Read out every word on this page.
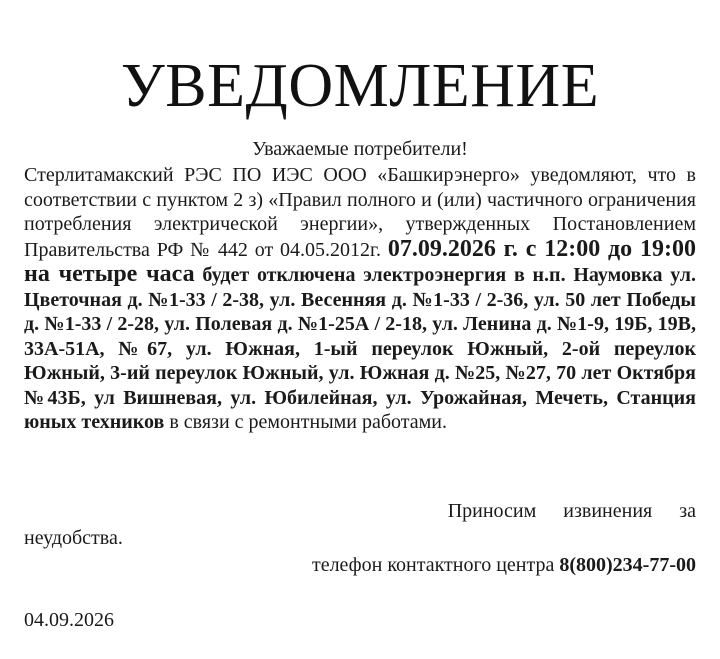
УВЕДОМЛЕНИЕ
Уважаемые потребители!
Стерлитамакский РЭС ПО ИЭС ООО «Башкирэнерго» уведомляют, что в соответствии с пунктом 2 з) «Правил полного и (или) частичного ограничения потребления электрической энергии», утвержденных Постановлением Правительства РФ № 442 от 04.05.2012г. 07.09.2026 г. с 12:00 до 19:00 на четыре часа будет отключена электроэнергия в н.п. Наумовка ул. Цветочная д. №1-33 / 2-38, ул. Весенняя д. №1-33 / 2-36, ул. 50 лет Победы д. №1-33 / 2-28, ул. Полевая д. №1-25А / 2-18, ул. Ленина д. №1-9, 19Б, 19В, 33А-51А, №67, ул. Южная, 1-ый переулок Южный, 2-ой переулок Южный, 3-ий переулок Южный, ул. Южная д. №25, №27, 70 лет Октября №43Б, ул Вишневая, ул. Юбилейная, ул. Урожайная, Мечеть, Станция юных техников в связи с ремонтными работами.
Приносим извинения за
неудобства.
телефон контактного центра 8(800)234-77-00
04.09.2026
